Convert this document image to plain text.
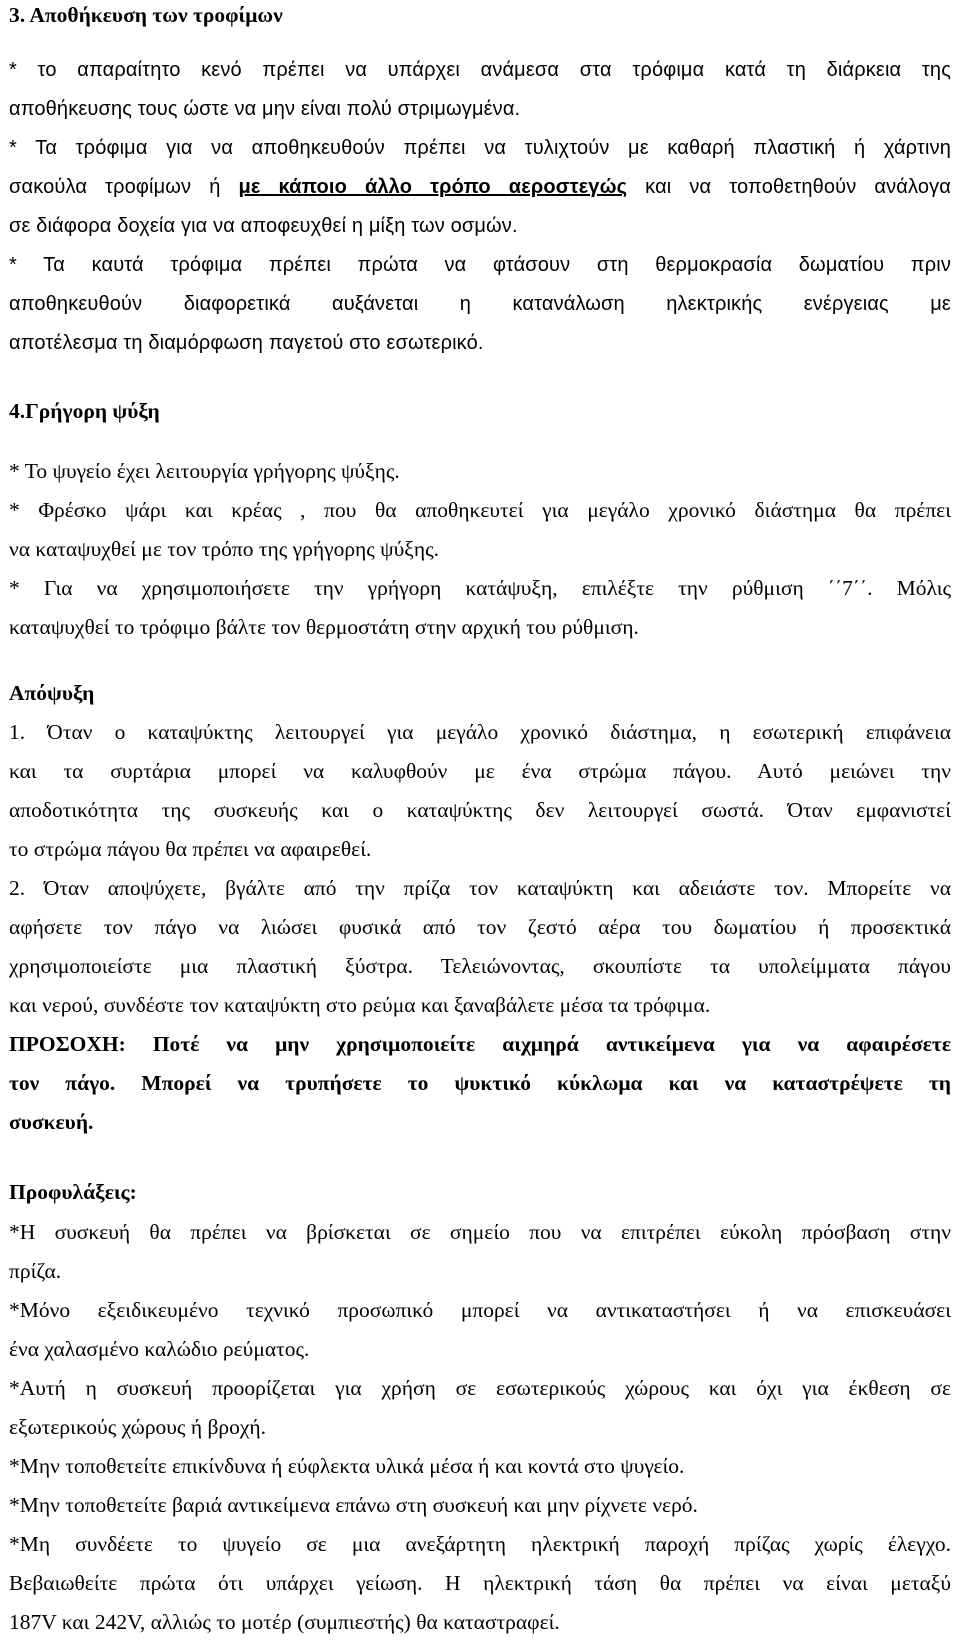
3. Αποθήκευση των τροφίμων
* το απαραίτητο κενό πρέπει να υπάρχει ανάμεσα στα τρόφιμα κατά τη διάρκεια της
αποθήκευσης τους ώστε να μην είναι πολύ στριμωγμένα.
* Τα τρόφιμα για να αποθηκευθούν πρέπει να τυλιχτούν με καθαρή πλαστική ή χάρτινη
σακούλα τροφίμων ή με κάποιο άλλο τρόπο αεροστεγώς και να τοποθετηθούν ανάλογα
σε διάφορα δοχεία για να αποφευχθεί η μίξη των οσμών.
* Τα καυτά τρόφιμα πρέπει πρώτα να φτάσουν στη θερμοκρασία δωματίου πριν
αποθηκευθούν διαφορετικά αυξάνεται η κατανάλωση ηλεκτρικής ενέργειας με
αποτέλεσμα τη διαμόρφωση παγετού στο εσωτερικό.
4.Γρήγορη ψύξη
* Το ψυγείο έχει λειτουργία γρήγορης ψύξης.
* Φρέσκο ψάρι και κρέας , που θα αποθηκευτεί για μεγάλο χρονικό διάστημα θα πρέπει
να καταψυχθεί με τον τρόπο της γρήγορης ψύξης.
* Για να χρησιμοποιήσετε την γρήγορη κατάψυξη, επιλέξτε την ρύθμιση ΄΄7΄΄. Μόλις
καταψυχθεί το τρόφιμο βάλτε τον θερμοστάτη στην αρχική του ρύθμιση.
Απόψυξη
1. Όταν ο καταψύκτης λειτουργεί για μεγάλο χρονικό διάστημα, η εσωτερική επιφάνεια
και τα συρτάρια μπορεί να καλυφθούν με ένα στρώμα πάγου. Αυτό μειώνει την
αποδοτικότητα της συσκευής και ο καταψύκτης δεν λειτουργεί σωστά. Όταν εμφανιστεί
το στρώμα πάγου θα πρέπει να αφαιρεθεί.
2. Όταν αποψύχετε, βγάλτε από την πρίζα τον καταψύκτη και αδειάστε τον. Μπορείτε να
αφήσετε τον πάγο να λιώσει φυσικά από τον ζεστό αέρα του δωματίου ή προσεκτικά
χρησιμοποιείστε μια πλαστική ξύστρα. Τελειώνοντας, σκουπίστε τα υπολείμματα πάγου
και νερού, συνδέστε τον καταψύκτη στο ρεύμα και ξαναβάλετε μέσα τα τρόφιμα.
ΠΡΟΣΟΧΗ: Ποτέ να μην χρησιμοποιείτε αιχμηρά αντικείμενα για να αφαιρέσετε
τον πάγο. Μπορεί να τρυπήσετε το ψυκτικό κύκλωμα και να καταστρέψετε τη
συσκευή.
Προφυλάξεις:
*Η συσκευή θα πρέπει να βρίσκεται σε σημείο που να επιτρέπει εύκολη πρόσβαση στην
πρίζα.
*Μόνο εξειδικευμένο τεχνικό προσωπικό μπορεί να αντικαταστήσει ή να επισκευάσει
ένα χαλασμένο καλώδιο ρεύματος.
*Αυτή η συσκευή προορίζεται για χρήση σε εσωτερικούς χώρους και όχι για έκθεση σε
εξωτερικούς χώρους ή βροχή.
*Μην τοποθετείτε επικίνδυνα ή εύφλεκτα υλικά μέσα ή και κοντά στο ψυγείο.
*Μην τοποθετείτε βαριά αντικείμενα επάνω στη συσκευή και μην ρίχνετε νερό.
*Μη συνδέετε το ψυγείο σε μια ανεξάρτητη ηλεκτρική παροχή πρίζας χωρίς έλεγχο.
Βεβαιωθείτε πρώτα ότι υπάρχει γείωση. Η ηλεκτρική τάση θα πρέπει να είναι μεταξύ
187V και 242V, αλλιώς το μοτέρ (συμπιεστής) θα καταστραφεί.
